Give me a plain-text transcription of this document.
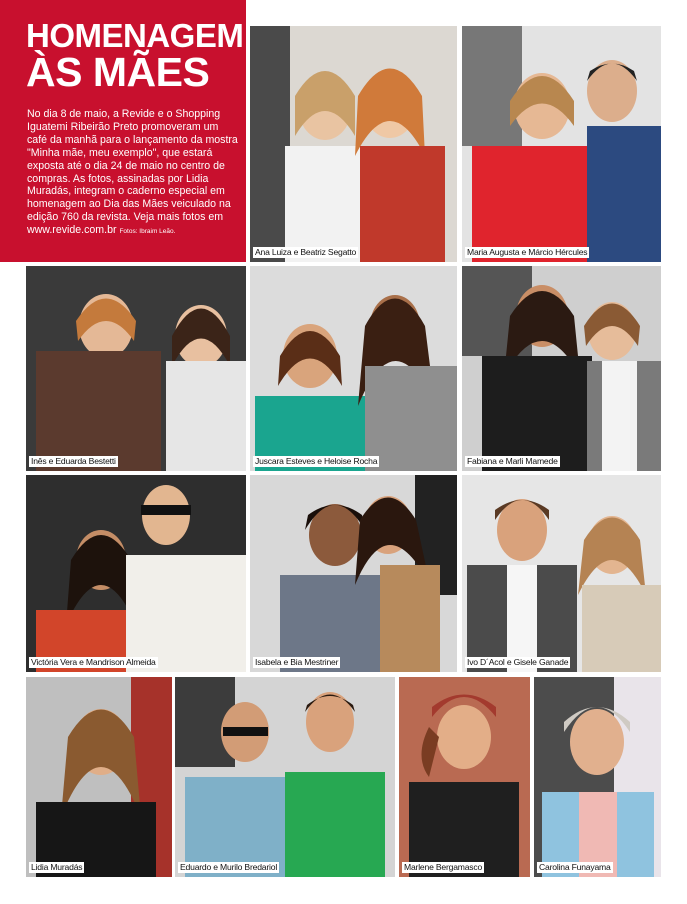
HOMENAGEM
ÀS MÃES
No dia 8 de maio, a Revide e o Shopping Iguatemi Ribeirão Preto promoveram um café da manhã para o lançamento da mostra "Minha mãe, meu exemplo", que estará exposta até o dia 24 de maio no centro de compras. As fotos, assinadas por Lidia Muradás, integram o caderno especial em homenagem ao Dia das Mães veiculado na edição 760 da revista. Veja mais fotos em www.revide.com.br Fotos: Ibraim Leão.
Ana Luiza e Beatriz Segatto	Maria Augusta e Márcio Hércules
Inês e Eduarda Bestetti	Juscara Esteves e Heloise Rocha	Fabiana e Marli Mamede
Victória Vera e Mandrison Almeida	Isabela e Bia Mestriner	Ivo D´Acol e Gisele Ganade
Lidia Muradás	Eduardo e Murilo Bredariol	Marlene Bergamasco	Carolina Funayama
